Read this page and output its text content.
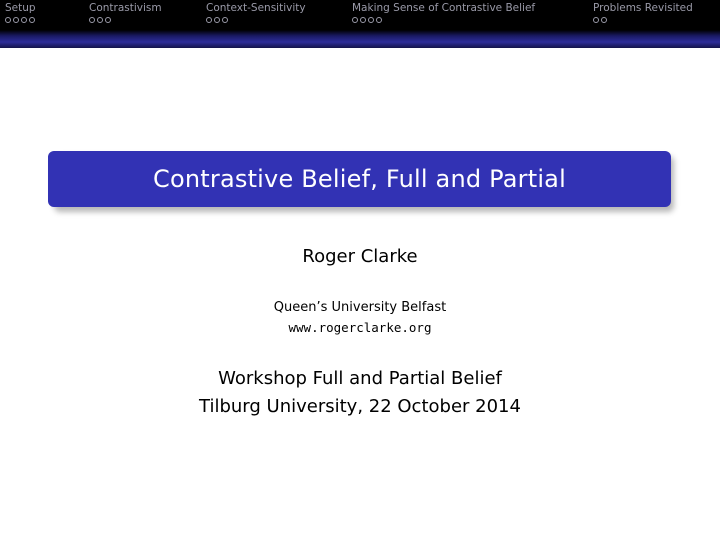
Setup	Contrastivism	Context-Sensitivity	Making Sense of Contrastive Belief	Problems Revisited
Contrastive Belief, Full and Partial
Roger Clarke
Queen’s University Belfast
www.rogerclarke.org
Workshop Full and Partial Belief
Tilburg University, 22 October 2014
